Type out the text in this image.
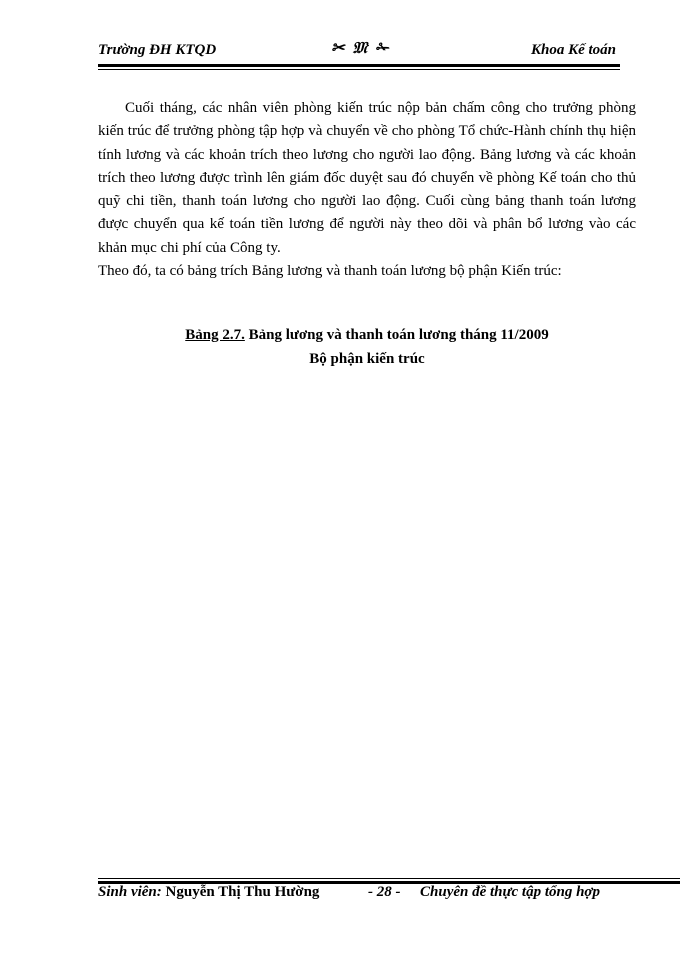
Trường ĐH KTQD	✂ 𝔐 ✁	Khoa Kế toán

Cuối tháng, các nhân viên phòng kiến trúc nộp bản chấm công cho trưởng phòng kiến trúc để trưởng phòng tập hợp và chuyển về cho phòng Tổ chức-Hành chính thụ hiện tính lương và các khoản trích theo lương cho người lao động. Bảng lương và các khoản trích theo lương được trình lên giám đốc duyệt sau đó chuyển về phòng Kế toán cho thủ quỹ chi tiền, thanh toán lương cho người lao động. Cuối cùng bảng thanh toán lương được chuyển qua kế toán tiền lương để người này theo dõi và phân bổ lương vào các khản mục chi phí của Công ty.

Theo đó, ta có bảng trích Bảng lương và thanh toán lương bộ phận Kiến trúc:

Bảng 2.7. Bảng lương và thanh toán lương tháng 11/2009
Bộ phận kiến trúc
Sinh viên: Nguyễn Thị Thu Hường	- 28 - Chuyên đề thực tập tổng hợp
